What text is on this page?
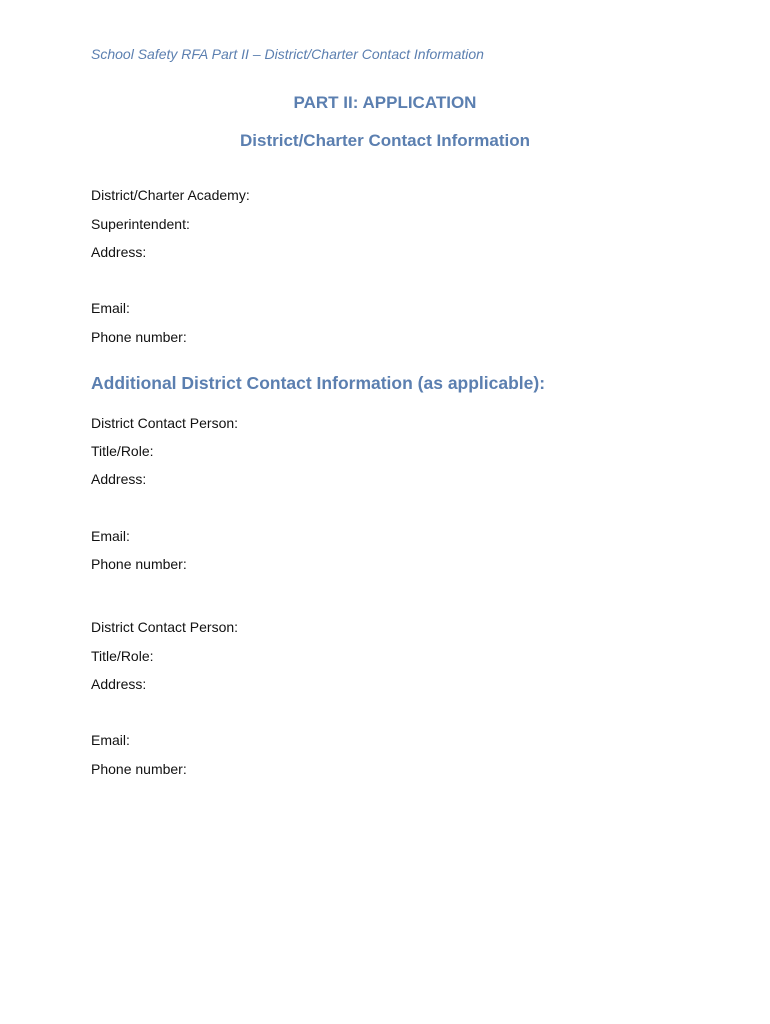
School Safety RFA Part II – District/Charter Contact Information
PART II: APPLICATION
District/Charter Contact Information
District/Charter Academy:
Superintendent:
Address:
Email:
Phone number:
Additional District Contact Information (as applicable):
District Contact Person:
Title/Role:
Address:
Email:
Phone number:
District Contact Person:
Title/Role:
Address:
Email:
Phone number:
